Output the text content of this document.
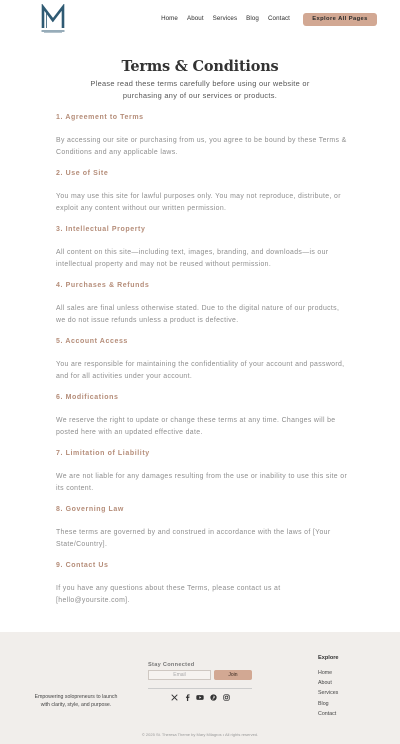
Home About Services Blog Contact	Explore All Pages
Terms & Conditions

Please read these terms carefully before using our website or purchasing any of our services or products.

1. Agreement to Terms

By accessing our site or purchasing from us, you agree to be bound by these Terms & Conditions and any applicable laws.

2. Use of Site

You may use this site for lawful purposes only. You may not reproduce, distribute, or exploit any content without our written permission.

3. Intellectual Property

All content on this site—including text, images, branding, and downloads—is our intellectual property and may not be reused without permission.

4. Purchases & Refunds

All sales are final unless otherwise stated. Due to the digital nature of our products, we do not issue refunds unless a product is defective.

5. Account Access

You are responsible for maintaining the confidentiality of your account and password, and for all activities under your account.

6. Modifications

We reserve the right to update or change these terms at any time. Changes will be posted here with an updated effective date.

7. Limitation of Liability

We are not liable for any damages resulting from the use or inability to use this site or its content.

8. Governing Law

These terms are governed by and construed in accordance with the laws of [Your State/Country].

9. Contact Us

If you have any questions about these Terms, please contact us at [hello@yoursite.com].

Empowering solopreneurs to launch with clarity, style, and purpose.

Stay Connected
Email	Join
Explore
Home
About
Services
Blog
Contact
© 2025 St. Theresa Theme by Mary Milagros • All rights reserved.
